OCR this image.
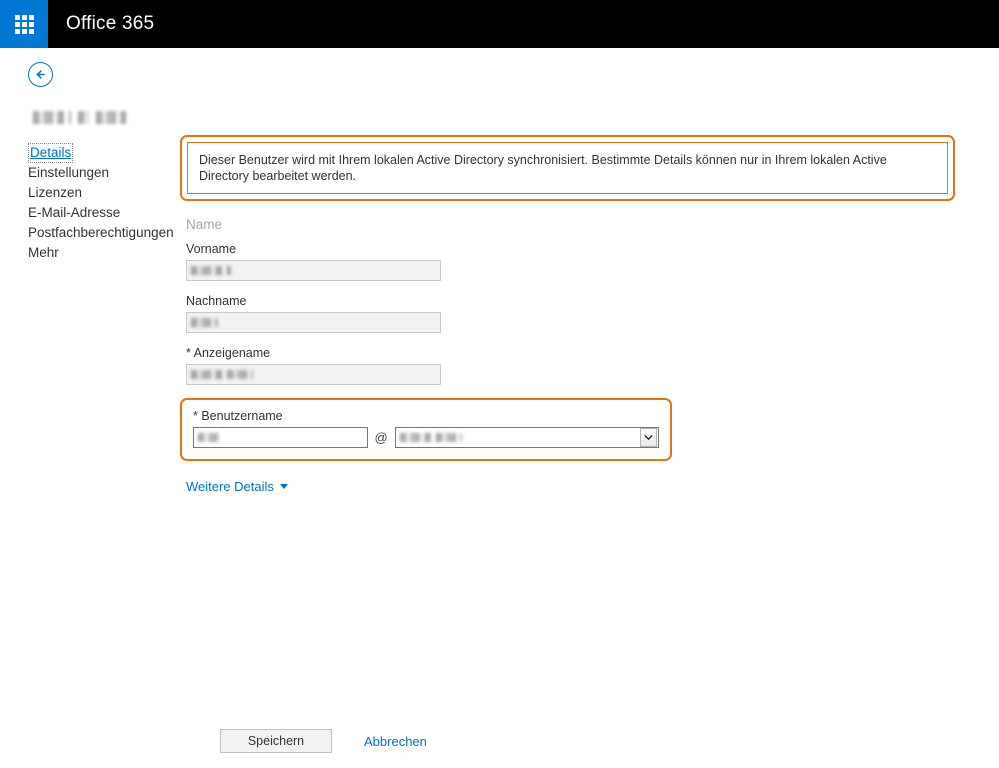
Office 365
Details
Einstellungen
Lizenzen
E-Mail-Adresse
Postfachberechtigungen
Mehr
Dieser Benutzer wird mit Ihrem lokalen Active Directory synchronisiert. Bestimmte Details können nur in Ihrem lokalen Active Directory bearbeitet werden.
Name
Vorname
Nachname
* Anzeigename
* Benutzername
@
Weitere Details
Speichern	Abbrechen
